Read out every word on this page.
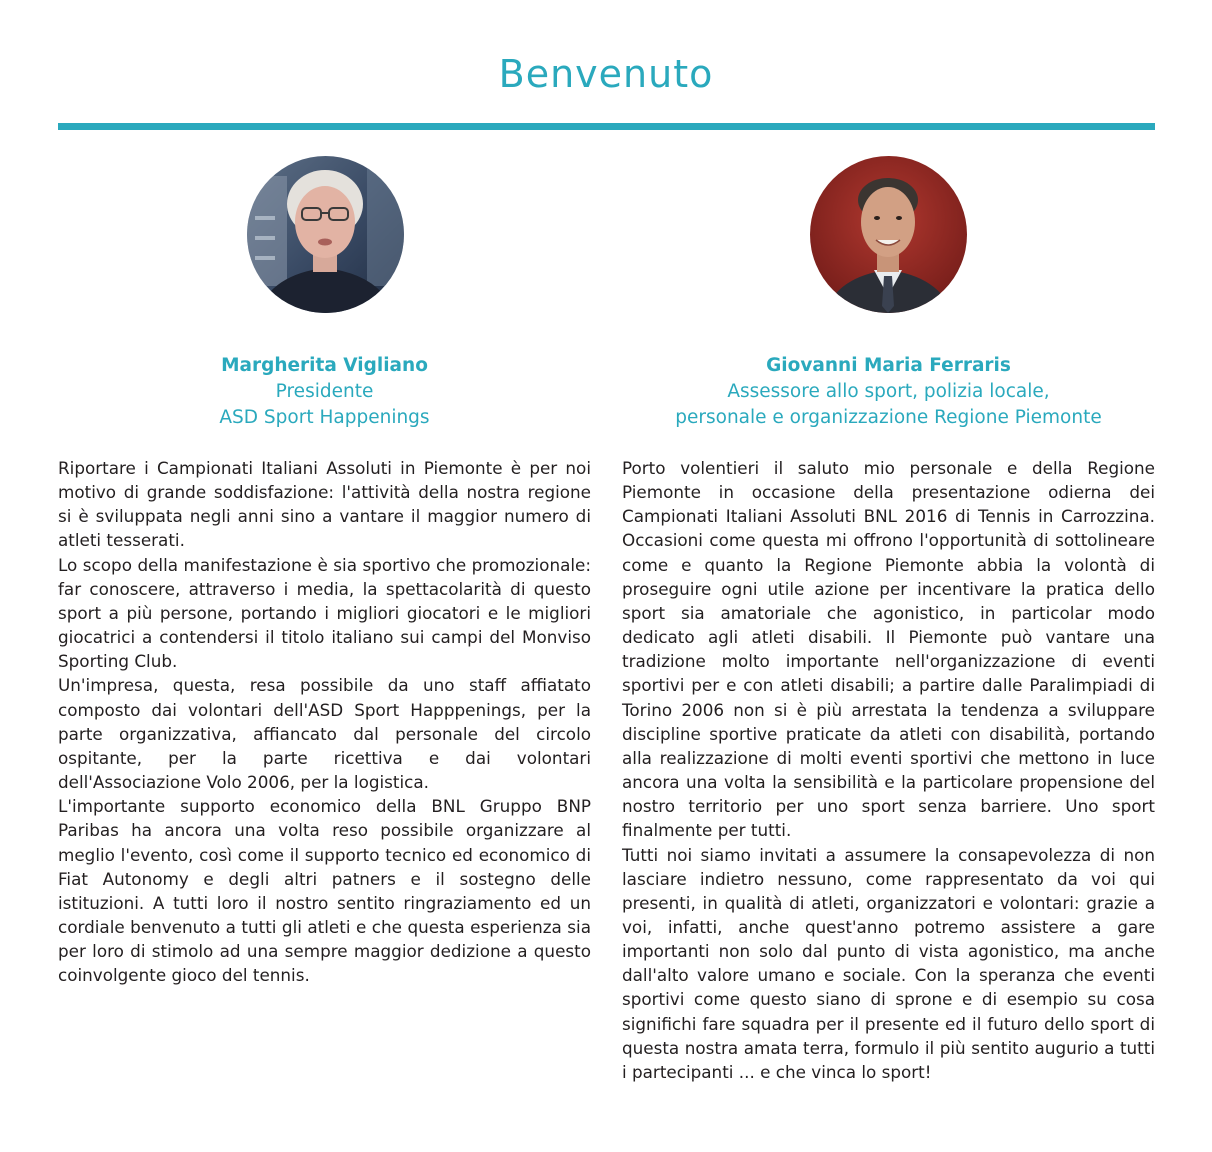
Benvenuto
Margherita Vigliano
Presidente
ASD Sport Happenings
Giovanni Maria Ferraris
Assessore allo sport, polizia locale,
personale e organizzazione Regione Piemonte

Riportare i Campionati Italiani Assoluti in Piemonte è per noi motivo di grande soddisfazione: l'attività della nostra regione si è sviluppata negli anni sino a vantare il maggior numero di atleti tesserati.

Lo scopo della manifestazione è sia sportivo che promozionale: far conoscere, attraverso i media, la spettacolarità di questo sport a più persone, portando i migliori giocatori e le migliori giocatrici a contendersi il titolo italiano sui campi del Monviso Sporting Club.

Un'impresa, questa, resa possibile da uno staff affiatato composto dai volontari dell'ASD Sport Happpenings, per la parte organizzativa, affiancato dal personale del circolo ospitante, per la parte ricettiva e dai volontari dell'Associazione Volo 2006, per la logistica.

L'importante supporto economico della BNL Gruppo BNP Paribas ha ancora una volta reso possibile organizzare al meglio l'evento, così come il supporto tecnico ed economico di Fiat Autonomy e degli altri patners e il sostegno delle istituzioni. A tutti loro il nostro sentito ringraziamento ed un cordiale benvenuto a tutti gli atleti e che questa esperienza sia per loro di stimolo ad una sempre maggior dedizione a questo coinvolgente gioco del tennis.

Porto volentieri il saluto mio personale e della Regione Piemonte in occasione della presentazione odierna dei Campionati Italiani Assoluti BNL 2016 di Tennis in Carrozzina. Occasioni come questa mi offrono l'opportunità di sottolineare come e quanto la Regione Piemonte abbia la volontà di proseguire ogni utile azione per incentivare la pratica dello sport sia amatoriale che agonistico, in particolar modo dedicato agli atleti disabili. Il Piemonte può vantare una tradizione molto importante nell'organizzazione di eventi sportivi per e con atleti disabili; a partire dalle Paralimpiadi di Torino 2006 non si è più arrestata la tendenza a sviluppare discipline sportive praticate da atleti con disabilità, portando alla realizzazione di molti eventi sportivi che mettono in luce ancora una volta la sensibilità e la particolare propensione del nostro territorio per uno sport senza barriere. Uno sport finalmente per tutti.

Tutti noi siamo invitati a assumere la consapevolezza di non lasciare indietro nessuno, come rappresentato da voi qui presenti, in qualità di atleti, organizzatori e volontari: grazie a voi, infatti, anche quest'anno potremo assistere a gare importanti non solo dal punto di vista agonistico, ma anche dall'alto valore umano e sociale. Con la speranza che eventi sportivi come questo siano di sprone e di esempio su cosa significhi fare squadra per il presente ed il futuro dello sport di questa nostra amata terra, formulo il più sentito augurio a tutti i partecipanti ... e che vinca lo sport!
